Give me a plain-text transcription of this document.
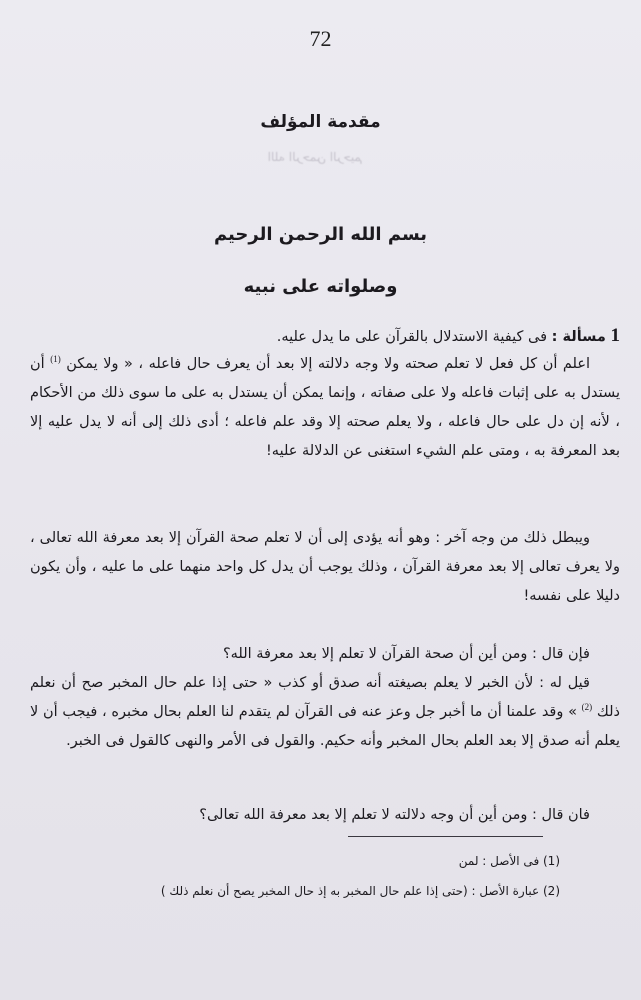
72
مقدمة المؤلف
الله الرحمن الرحيم
بسم الله الرحمن الرحيم
وصلواته على نبيه

1 مسألة : فى كيفية الاستدلال بالقرآن على ما يدل عليه.

اعلم أن كل فعل لا تعلم صحته ولا وجه دلالته إلا بعد أن يعرف حال فاعله ، « ولا يمكن $^{(1)}$ أن يستدل به على إثبات فاعله ولا على صفاته ، وإنما يمكن أن يستدل به على ما سوى ذلك من الأحكام ، لأنه إن دل على حال فاعله ، ولا يعلم صحته إلا وقد علم فاعله ؛ أدى ذلك إلى أنه لا يدل عليه إلا بعد المعرفة به ، ومتى علم الشيء استغنى عن الدلالة عليه!

ويبطل ذلك من وجه آخر : وهو أنه يؤدى إلى أن لا تعلم صحة القرآن إلا بعد معرفة الله تعالى ، ولا يعرف تعالى إلا بعد معرفة القرآن ، وذلك يوجب أن يدل كل واحد منهما على ما عليه ، وأن يكون دليلا على نفسه!

فإن قال : ومن أين أن صحة القرآن لا تعلم إلا بعد معرفة الله؟

قيل له : لأن الخبر لا يعلم بصيغته أنه صدق أو كذب « حتى إذا علم حال المخبر صح أن نعلم ذلك $^{(2)}$ » وقد علمنا أن ما أخبر جل وعز عنه فى القرآن لم يتقدم لنا العلم بحال مخبره ، فيجب أن لا يعلم أنه صدق إلا بعد العلم بحال المخبر وأنه حكيم. والقول فى الأمر والنهى كالقول فى الخبر.

فان قال : ومن أين أن وجه دلالته لا تعلم إلا بعد معرفة الله تعالى؟

(1) فى الأصل : لمن
(2) عبارة الأصل : (حتى إذا علم حال المخبر به إذ حال المخبر يصح أن نعلم ذلك )
